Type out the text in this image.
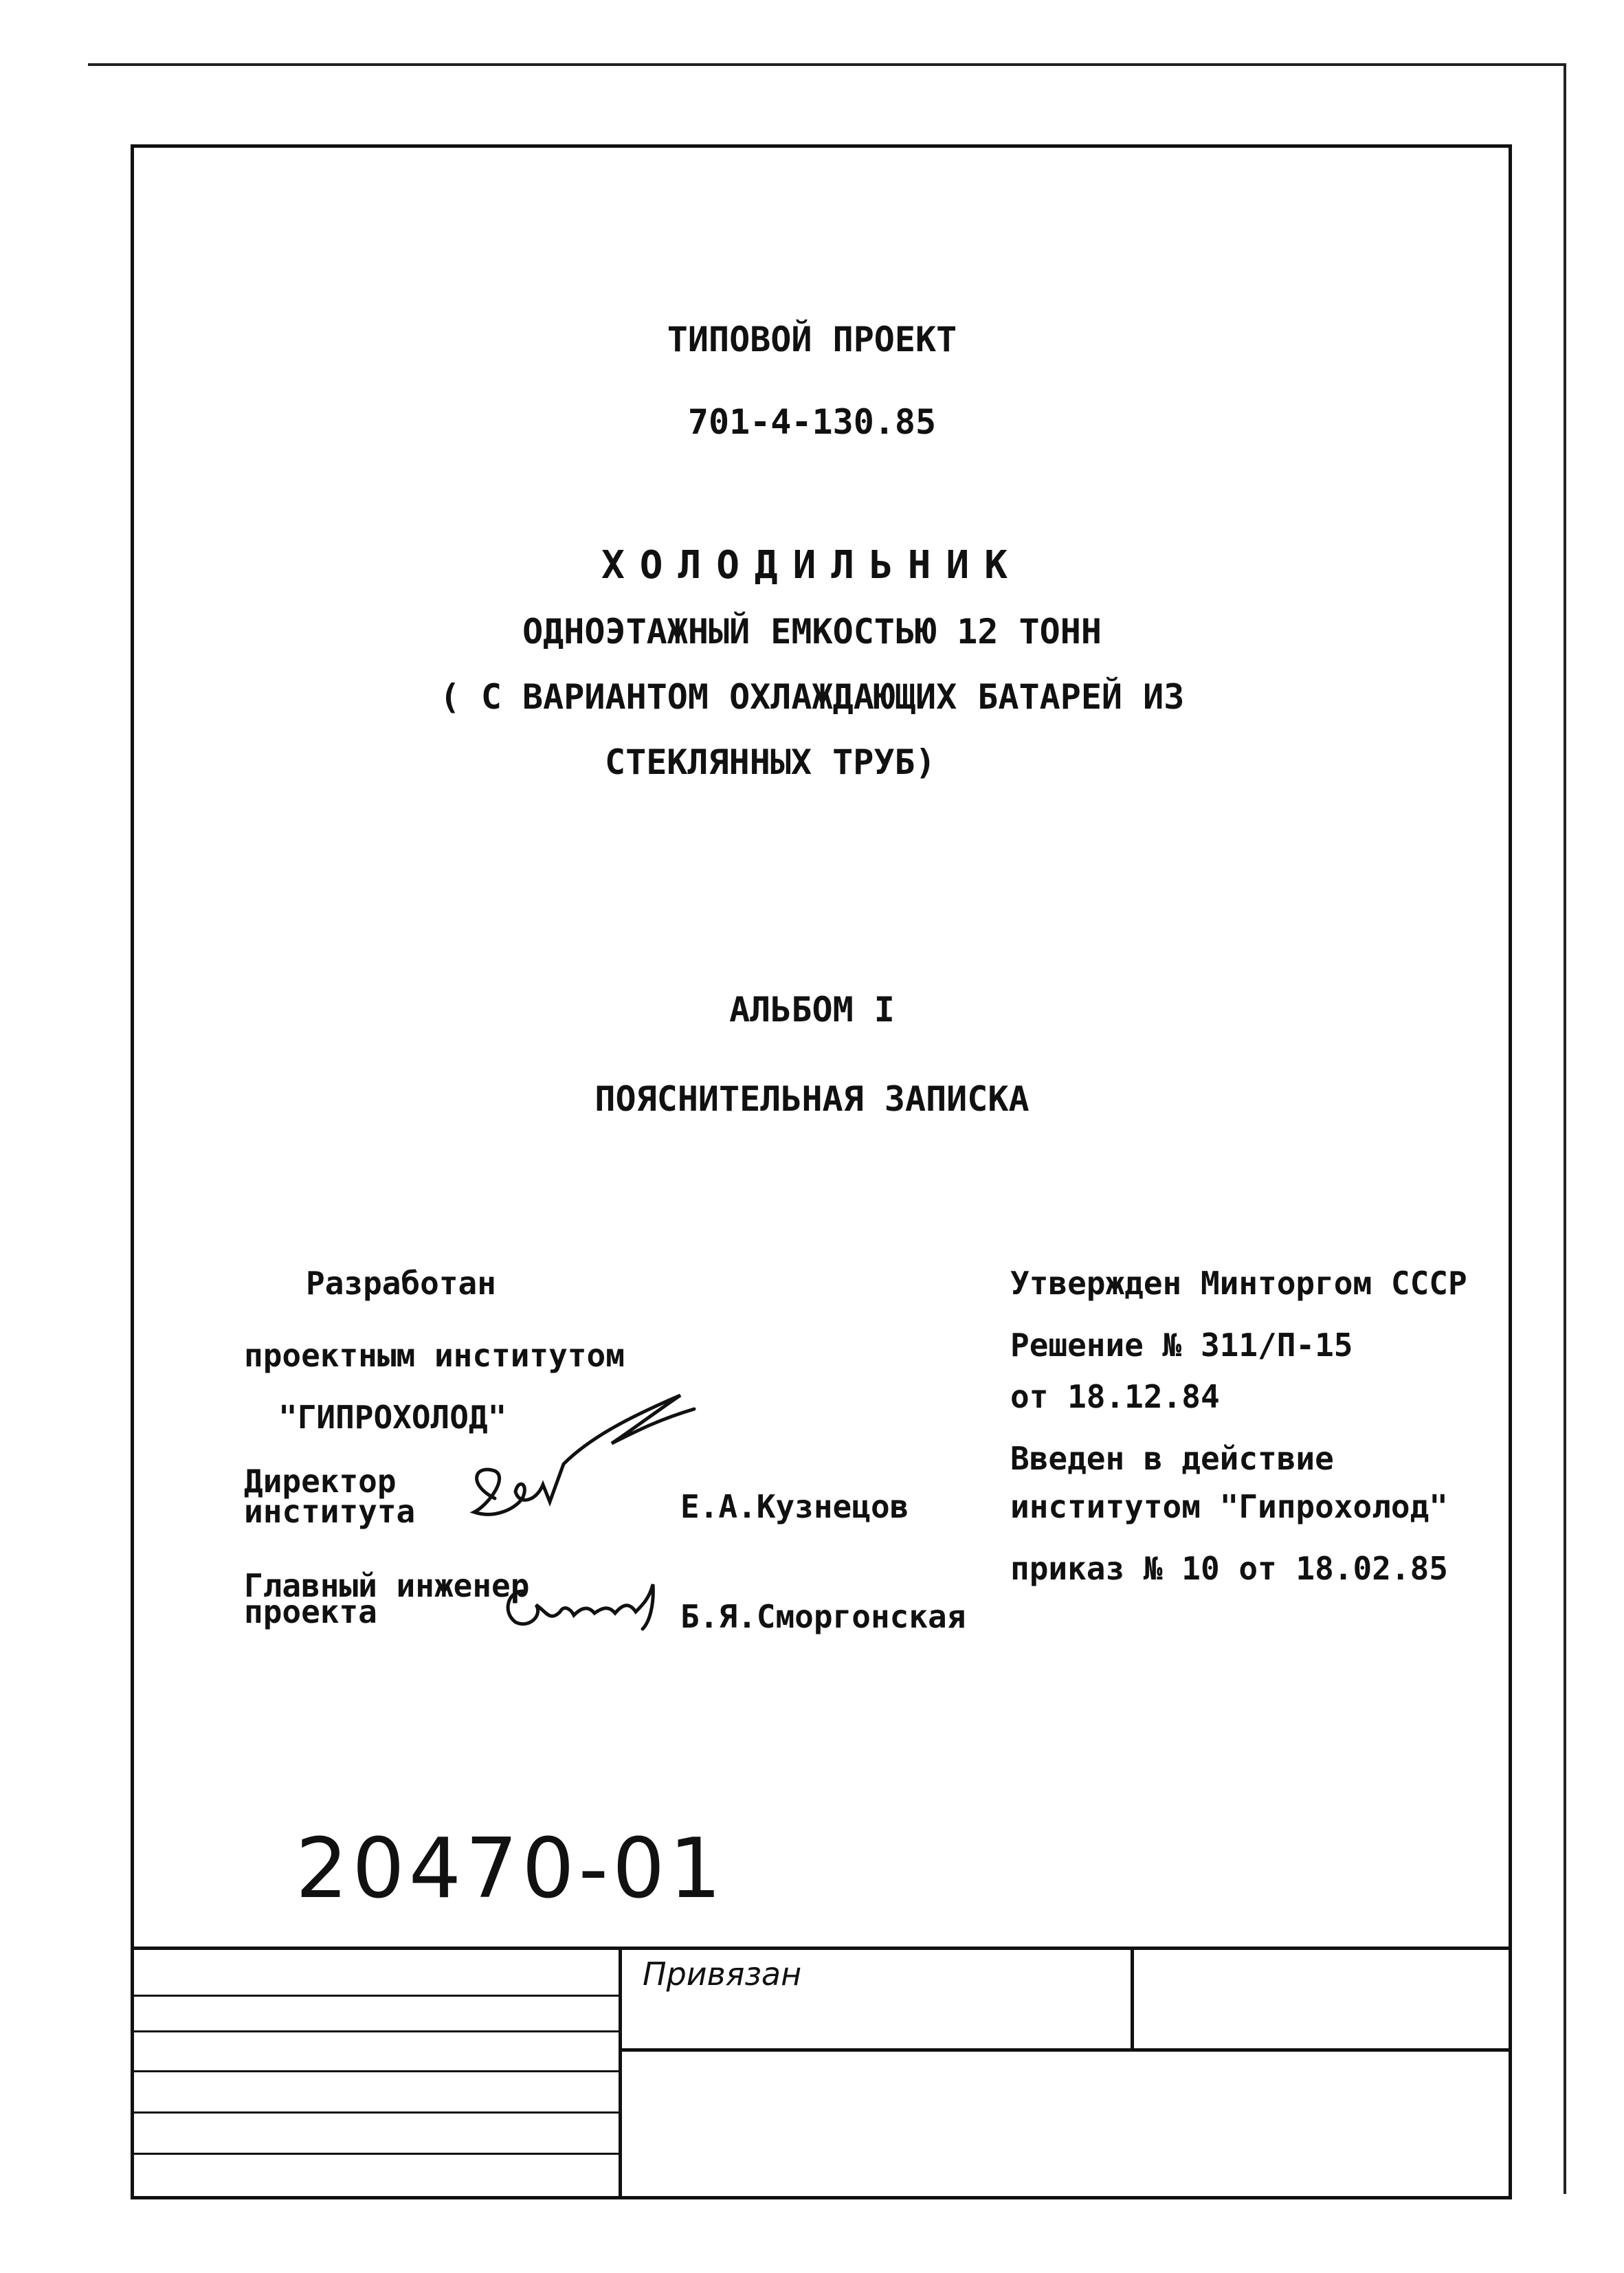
ТИПОВОЙ ПРОЕКТ
701-4-130.85
ХОЛОДИЛЬНИК
ОДНОЭТАЖНЫЙ ЕМКОСТЬЮ 12 ТОНН
( С ВАРИАНТОМ ОХЛАЖДАЮЩИХ БАТАРЕЙ ИЗ
СТЕКЛЯННЫХ ТРУБ)
АЛЬБОМ I
ПОЯСНИТЕЛЬНАЯ ЗАПИСКА
Разработан
проектным институтом
"ГИПРОХОЛОД"
Директор
института	Е.А.Кузнецов
Главный инженер
проекта	Б.Я.Сморгонская
Утвержден Минторгом СССР
Решение № 311/П-15
от 18.12.84
Введен в действие
институтом "Гипрохолод"
приказ № 10 от 18.02.85
20470-01
Привязан
